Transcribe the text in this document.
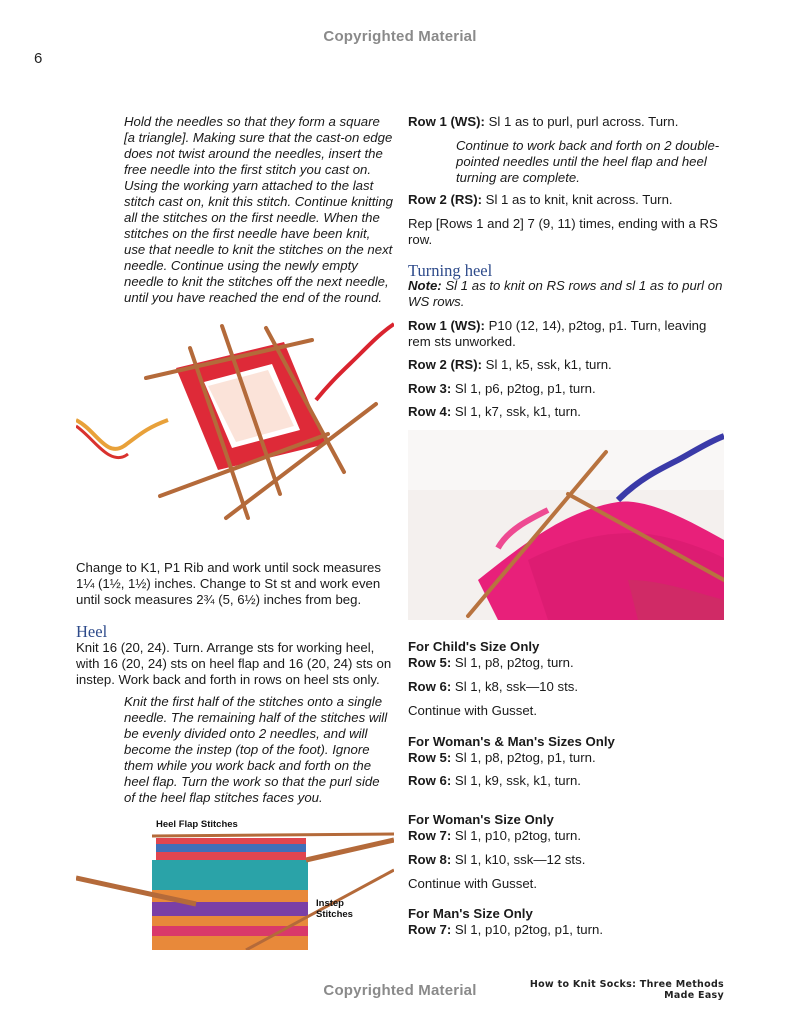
Copyrighted Material
6
Hold the needles so that they form a square [a triangle]. Making sure that the cast-on edge does not twist around the needles, insert the free needle into the first stitch you cast on. Using the working yarn attached to the last stitch cast on, knit this stitch. Continue knitting all the stitches on the first needle. When the stitches on the first needle have been knit, use that needle to knit the stitches on the next needle. Continue using the newly empty needle to knit the stitches off the next needle, until you have reached the end of the round.
Change to K1, P1 Rib and work until sock measures 1¼ (1½, 1½) inches. Change to St st and work even until sock measures 2¾ (5, 6½) inches from beg.
Heel
Knit 16 (20, 24). Turn. Arrange sts for working heel, with 16 (20, 24) sts on heel flap and 16 (20, 24) sts on instep. Work back and forth in rows on heel sts only.
Knit the first half of the stitches onto a single needle. The remaining half of the stitches will be evenly divided onto 2 needles, and will become the instep (top of the foot). Ignore them while you work back and forth on the heel flap. Turn the work so that the purl side of the heel flap stitches faces you.
Heel Flap Stitches
Instep
Stitches
Row 1 (WS): Sl 1 as to purl, purl across. Turn.
Continue to work back and forth on 2 double-pointed needles until the heel flap and heel turning are complete.
Row 2 (RS): Sl 1 as to knit, knit across. Turn.
Rep [Rows 1 and 2] 7 (9, 11) times, ending with a RS row.
Turning heel
Note: Sl 1 as to knit on RS rows and sl 1 as to purl on WS rows.
Row 1 (WS): P10 (12, 14), p2tog, p1. Turn, leaving rem sts unworked.
Row 2 (RS): Sl 1, k5, ssk, k1, turn.
Row 3: Sl 1, p6, p2tog, p1, turn.
Row 4: Sl 1, k7, ssk, k1, turn.
For Child's Size Only
Row 5: Sl 1, p8, p2tog, turn.
Row 6: Sl 1, k8, ssk—10 sts.
Continue with Gusset.
For Woman's & Man's Sizes Only
Row 5: Sl 1, p8, p2tog, p1, turn.
Row 6: Sl 1, k9, ssk, k1, turn.
For Woman's Size Only
Row 7: Sl 1, p10, p2tog, turn.
Row 8: Sl 1, k10, ssk—12 sts.
Continue with Gusset.
For Man's Size Only
Row 7: Sl 1, p10, p2tog, p1, turn.
Copyrighted Material	How to Knit Socks: Three Methods Made Easy
